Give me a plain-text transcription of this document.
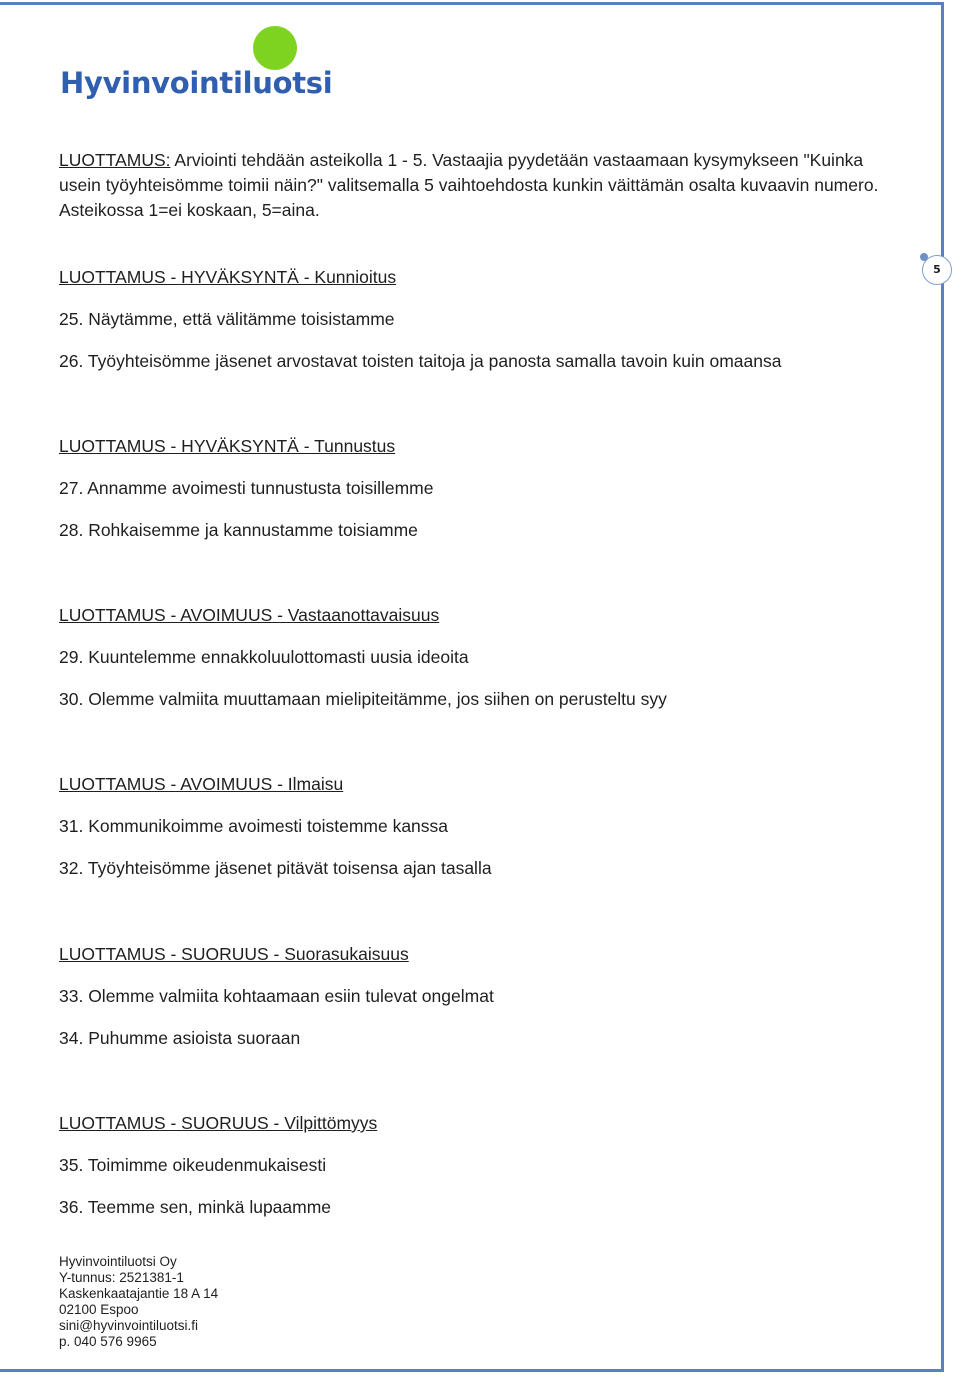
Hyvinvointiluotsi
LUOTTAMUS: Arviointi tehdään asteikolla 1 - 5. Vastaajia pyydetään vastaamaan kysymykseen "Kuinka usein työyhteisömme toimii näin?" valitsemalla 5 vaihtoehdosta kunkin väittämän osalta kuvaavin numero. Asteikossa 1=ei koskaan, 5=aina.
5
LUOTTAMUS - HYVÄKSYNTÄ - Kunnioitus
25. Näytämme, että välitämme toisistamme
26. Työyhteisömme jäsenet arvostavat toisten taitoja ja panosta samalla tavoin kuin omaansa
LUOTTAMUS - HYVÄKSYNTÄ - Tunnustus
27. Annamme avoimesti tunnustusta toisillemme
28. Rohkaisemme ja kannustamme toisiamme
LUOTTAMUS - AVOIMUUS - Vastaanottavaisuus
29. Kuuntelemme ennakkoluulottomasti uusia ideoita
30. Olemme valmiita muuttamaan mielipiteitämme, jos siihen on perusteltu syy
LUOTTAMUS - AVOIMUUS - Ilmaisu
31. Kommunikoimme avoimesti toistemme kanssa
32. Työyhteisömme jäsenet pitävät toisensa ajan tasalla
LUOTTAMUS - SUORUUS - Suorasukaisuus
33. Olemme valmiita kohtaamaan esiin tulevat ongelmat
34. Puhumme asioista suoraan
LUOTTAMUS - SUORUUS - Vilpittömyys
35. Toimimme oikeudenmukaisesti
36. Teemme sen, minkä lupaamme
Hyvinvointiluotsi Oy
Y-tunnus: 2521381-1
Kaskenkaatajantie 18 A 14
02100 Espoo
sini@hyvinvointiluotsi.fi
p. 040 576 9965
